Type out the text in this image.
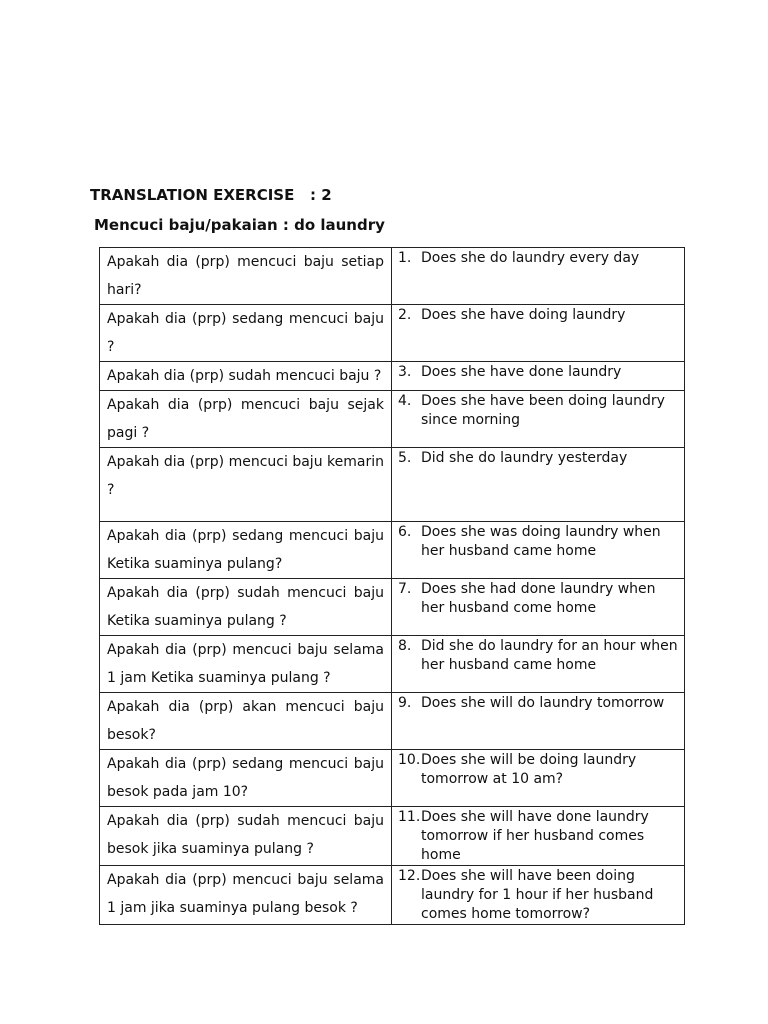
TRANSLATION EXERCISE   : 2
Mencuci baju/pakaian : do laundry
Apakah dia (prp) mencuci baju setiap hari?	1. Does she do laundry every day

Apakah dia (prp) sedang mencuci baju ?	2. Does she have doing laundry

Apakah dia (prp) sudah mencuci baju ?	3. Does she have done laundry

Apakah dia (prp) mencuci baju sejak pagi ?	4. Does she have been doing laundry since morning

Apakah dia (prp) mencuci baju kemarin ?	5. Did she do laundry yesterday

Apakah dia (prp) sedang mencuci baju Ketika suaminya pulang?	6. Does she was doing laundry when her husband came home

Apakah dia (prp) sudah mencuci baju Ketika suaminya pulang ?	7. Does she had done laundry when her husband come home

Apakah dia (prp) mencuci baju selama 1 jam Ketika suaminya pulang ?	8. Did she do laundry for an hour when her husband came home

Apakah dia (prp) akan mencuci baju besok?	9. Does she will do laundry tomorrow

Apakah dia (prp) sedang mencuci baju besok pada jam 10?	10. Does she will be doing laundry tomorrow at 10 am?

Apakah dia (prp) sudah mencuci baju besok jika suaminya pulang ?	11. Does she will have done laundry tomorrow if her husband comes home

Apakah dia (prp) mencuci baju selama 1 jam jika suaminya pulang besok ?	12. Does she will have been doing laundry for 1 hour if her husband comes home tomorrow?
